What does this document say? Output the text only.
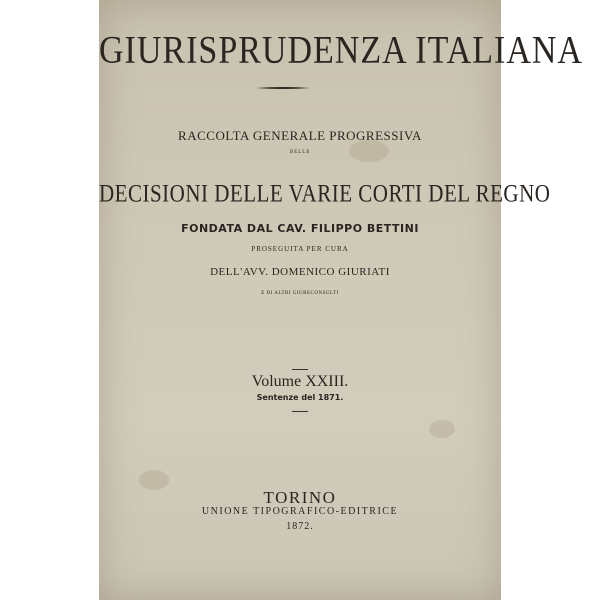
GIURISPRUDENZA ITALIANA
RACCOLTA GENERALE PROGRESSIVA
DELLE
DECISIONI DELLE VARIE CORTI DEL REGNO
FONDATA DAL CAV. FILIPPO BETTINI
PROSEGUITA PER CURA
DELL'AVV. DOMENICO GIURIATI
E DI ALTRI GIURECONSULTI
Volume XXIII.
Sentenze del 1871.
TORINO
UNIONE TIPOGRAFICO-EDITRICE
1872.
